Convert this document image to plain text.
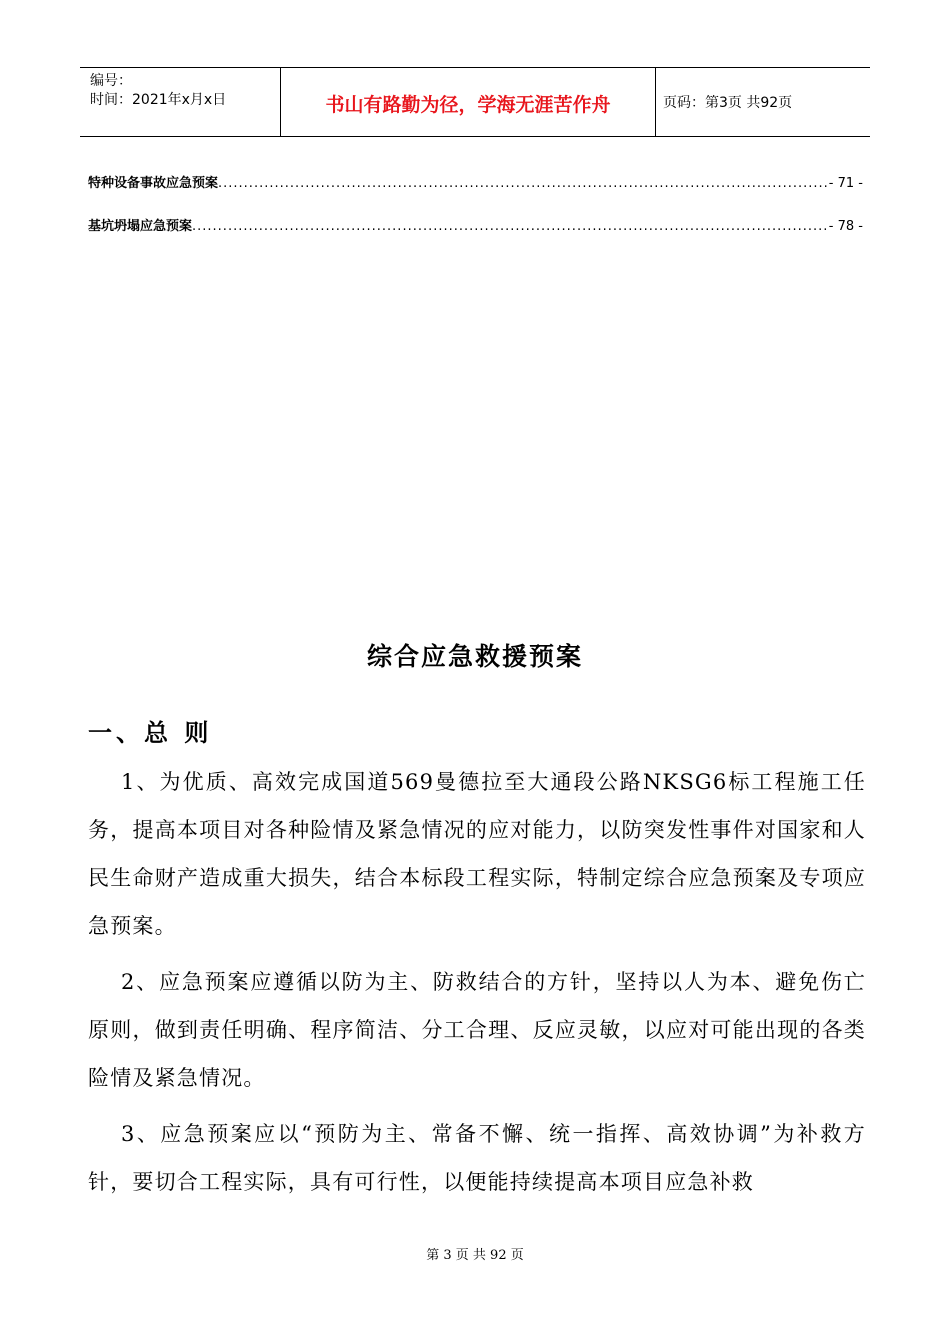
编号：
时间：2021年x月x日	书山有路勤为径，学海无涯苦作舟	页码：第3页 共92页
特种设备事故应急预案 .....	- 71 -
基坑坍塌应急预案 .....	- 78 -
综合应急救援预案
一、总 则
1、为优质、高效完成国道569曼德拉至大通段公路NKSG6标工程施工任务，提高本项目对各种险情及紧急情况的应对能力，以防突发性事件对国家和人民生命财产造成重大损失，结合本标段工程实际，特制定综合应急预案及专项应急预案。
2、应急预案应遵循以防为主、防救结合的方针，坚持以人为本、避免伤亡原则，做到责任明确、程序简洁、分工合理、反应灵敏，以应对可能出现的各类险情及紧急情况。
3、应急预案应以“预防为主、常备不懈、统一指挥、高效协调”为补救方针，要切合工程实际，具有可行性，以便能持续提高本项目应急补救
第 3 页 共 92 页
